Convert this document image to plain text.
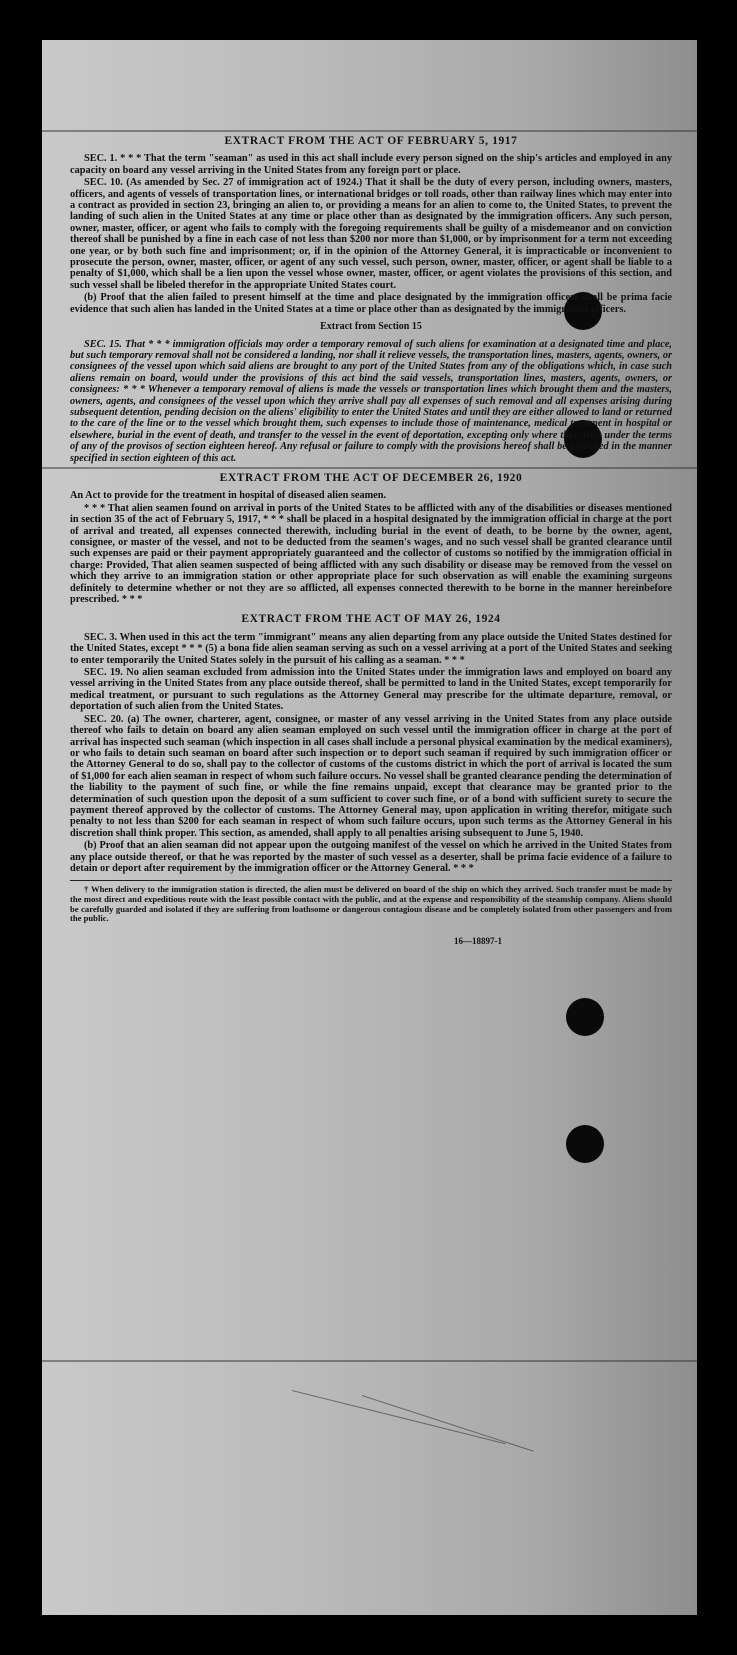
EXTRACT FROM THE ACT OF FEBRUARY 5, 1917

SEC. 1. * * * That the term "seaman" as used in this act shall include every person signed on the ship's articles and employed in any capacity on board any vessel arriving in the United States from any foreign port or place.

SEC. 10. (As amended by Sec. 27 of immigration act of 1924.) That it shall be the duty of every person, including owners, masters, officers, and agents of vessels of transportation lines, or international bridges or toll roads, other than railway lines which may enter into a contract as provided in section 23, bringing an alien to, or providing a means for an alien to come to, the United States, to prevent the landing of such alien in the United States at any time or place other than as designated by the immigration officers. Any such person, owner, master, officer, or agent who fails to comply with the foregoing requirements shall be guilty of a misdemeanor and on conviction thereof shall be punished by a fine in each case of not less than $200 nor more than $1,000, or by imprisonment for a term not exceeding one year, or by both such fine and imprisonment; or, if in the opinion of the Attorney General, it is impracticable or inconvenient to prosecute the person, owner, master, officer, or agent of any such vessel, such person, owner, master, officer, or agent shall be liable to a penalty of $1,000, which shall be a lien upon the vessel whose owner, master, officer, or agent violates the provisions of this section, and such vessel shall be libeled therefor in the appropriate United States court.

(b) Proof that the alien failed to present himself at the time and place designated by the immigration officers shall be prima facie evidence that such alien has landed in the United States at a time or place other than as designated by the immigration officers.

Extract from Section 15

SEC. 15. That * * * immigration officials may order a temporary removal of such aliens for examination at a designated time and place, but such temporary removal shall not be considered a landing, nor shall it relieve vessels, the transportation lines, masters, agents, owners, or consignees of the vessel upon which said aliens are brought to any port of the United States from any of the obligations which, in case such aliens remain on board, would under the provisions of this act bind the said vessels, transportation lines, masters, agents, owners, or consignees: * * * Whenever a temporary removal of aliens is made the vessels or transportation lines which brought them and the masters, owners, agents, and consignees of the vessel upon which they arrive shall pay all expenses of such removal and all expenses arising during subsequent detention, pending decision on the aliens' eligibility to enter the United States and until they are either allowed to land or returned to the care of the line or to the vessel which brought them, such expenses to include those of maintenance, medical treatment in hospital or elsewhere, burial in the event of death, and transfer to the vessel in the event of deportation, excepting only where they arise under the terms of any of the provisos of section eighteen hereof. Any refusal or failure to comply with the provisions hereof shall be punished in the manner specified in section eighteen of this act.

EXTRACT FROM THE ACT OF DECEMBER 26, 1920

An Act to provide for the treatment in hospital of diseased alien seamen.

* * * That alien seamen found on arrival in ports of the United States to be afflicted with any of the disabilities or diseases mentioned in section 35 of the act of February 5, 1917, * * * shall be placed in a hospital designated by the immigration official in charge at the port of arrival and treated, all expenses connected therewith, including burial in the event of death, to be borne by the owner, agent, consignee, or master of the vessel, and not to be deducted from the seamen's wages, and no such vessel shall be granted clearance until such expenses are paid or their payment appropriately guaranteed and the collector of customs so notified by the immigration official in charge: Provided, That alien seamen suspected of being afflicted with any such disability or disease may be removed from the vessel on which they arrive to an immigration station or other appropriate place for such observation as will enable the examining surgeons definitely to determine whether or not they are so afflicted, all expenses connected therewith to be borne in the manner hereinbefore prescribed. * * *

EXTRACT FROM THE ACT OF MAY 26, 1924

SEC. 3. When used in this act the term "immigrant" means any alien departing from any place outside the United States destined for the United States, except * * * (5) a bona fide alien seaman serving as such on a vessel arriving at a port of the United States and seeking to enter temporarily the United States solely in the pursuit of his calling as a seaman. * * *

SEC. 19. No alien seaman excluded from admission into the United States under the immigration laws and employed on board any vessel arriving in the United States from any place outside thereof, shall be permitted to land in the United States, except temporarily for medical treatment, or pursuant to such regulations as the Attorney General may prescribe for the ultimate departure, removal, or deportation of such alien from the United States.

SEC. 20. (a) The owner, charterer, agent, consignee, or master of any vessel arriving in the United States from any place outside thereof who fails to detain on board any alien seaman employed on such vessel until the immigration officer in charge at the port of arrival has inspected such seaman (which inspection in all cases shall include a personal physical examination by the medical examiners), or who fails to detain such seaman on board after such inspection or to deport such seaman if required by such immigration officer or the Attorney General to do so, shall pay to the collector of customs of the customs district in which the port of arrival is located the sum of $1,000 for each alien seaman in respect of whom such failure occurs. No vessel shall be granted clearance pending the determination of the liability to the payment of such fine, or while the fine remains unpaid, except that clearance may be granted prior to the determination of such question upon the deposit of a sum sufficient to cover such fine, or of a bond with sufficient surety to secure the payment thereof approved by the collector of customs. The Attorney General may, upon application in writing therefor, mitigate such penalty to not less than $200 for each seaman in respect of whom such failure occurs, upon such terms as the Attorney General in his discretion shall think proper. This section, as amended, shall apply to all penalties arising subsequent to June 5, 1940.

(b) Proof that an alien seaman did not appear upon the outgoing manifest of the vessel on which he arrived in the United States from any place outside thereof, or that he was reported by the master of such vessel as a deserter, shall be prima facie evidence of a failure to detain or deport after requirement by the immigration officer or the Attorney General. * * *

† When delivery to the immigration station is directed, the alien must be delivered on board of the ship on which they arrived. Such transfer must be made by the most direct and expeditious route with the least possible contact with the public, and at the expense and responsibility of the steamship company. Aliens should be carefully guarded and isolated if they are suffering from loathsome or dangerous contagious disease and be completely isolated from other passengers and from the public.

16—18897-1
